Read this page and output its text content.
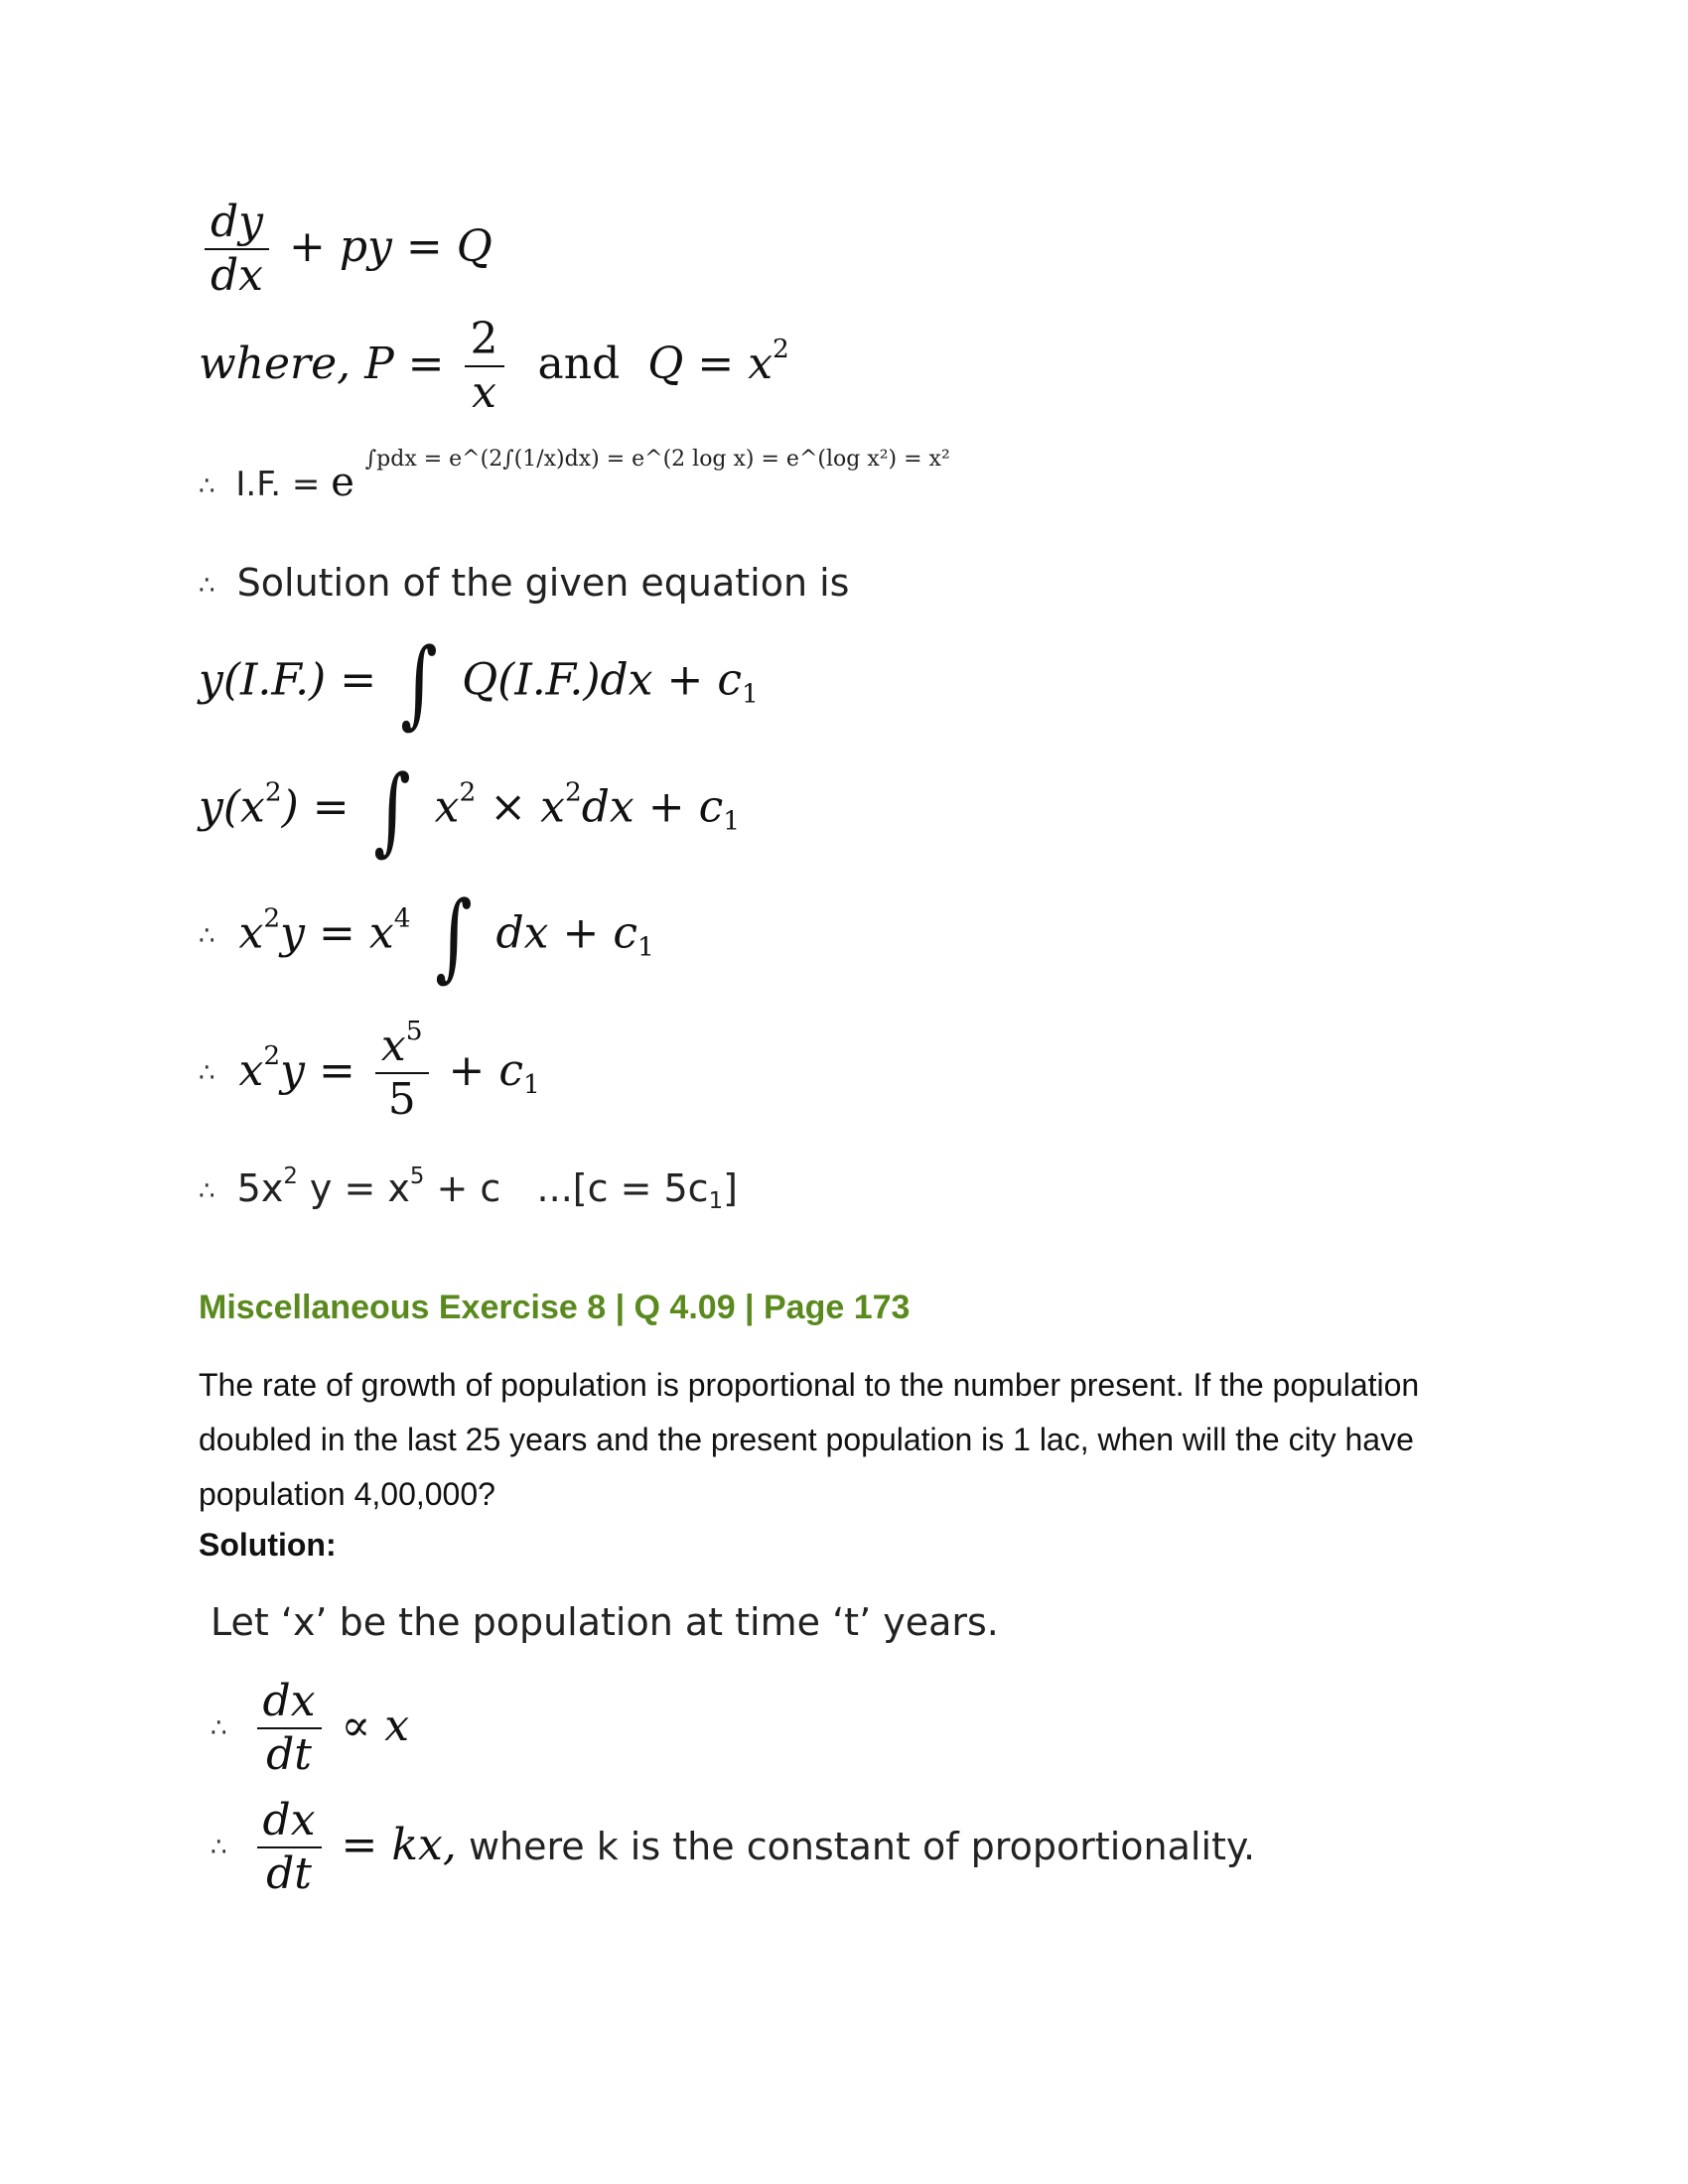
$\frac{dy}{dx}$ + py = Q
where, $P = \frac{2}{x}$ and $Q = x^2$
∴ I.F. = e $^{\int pdx = e\^{}(2\int(1/x)dx) = e\^{}(2 log x) = e\^{}(log x^2) = x^2}$
∴ Solution of the given equation is
y(I.F.) = ∫ $Q(I.F.)dx + c_1$
$y(x^2)$ = ∫ $x^2 \times x^2dx + c_1$
∴ $x^2y = x^4$ ∫ dx + $c_1$
∴ $x^2y = \frac{x^5}{5} + c_1$
∴ $5x^2$ $y = x^5 + c$   $...[c = 5c_1]$
Miscellaneous Exercise 8 | Q 4.09 | Page 173
The rate of growth of population is proportional to the number present. If the population doubled in the last 25 years and the present population is 1 lac, when will the city have population 4,00,000?
Solution:
Let ‘x’ be the population at time ‘t’ years.
∴ $\frac{dx}{dt} \propto x$
∴ $\frac{dx}{dt}$ = kx, where k is the constant of proportionality.
